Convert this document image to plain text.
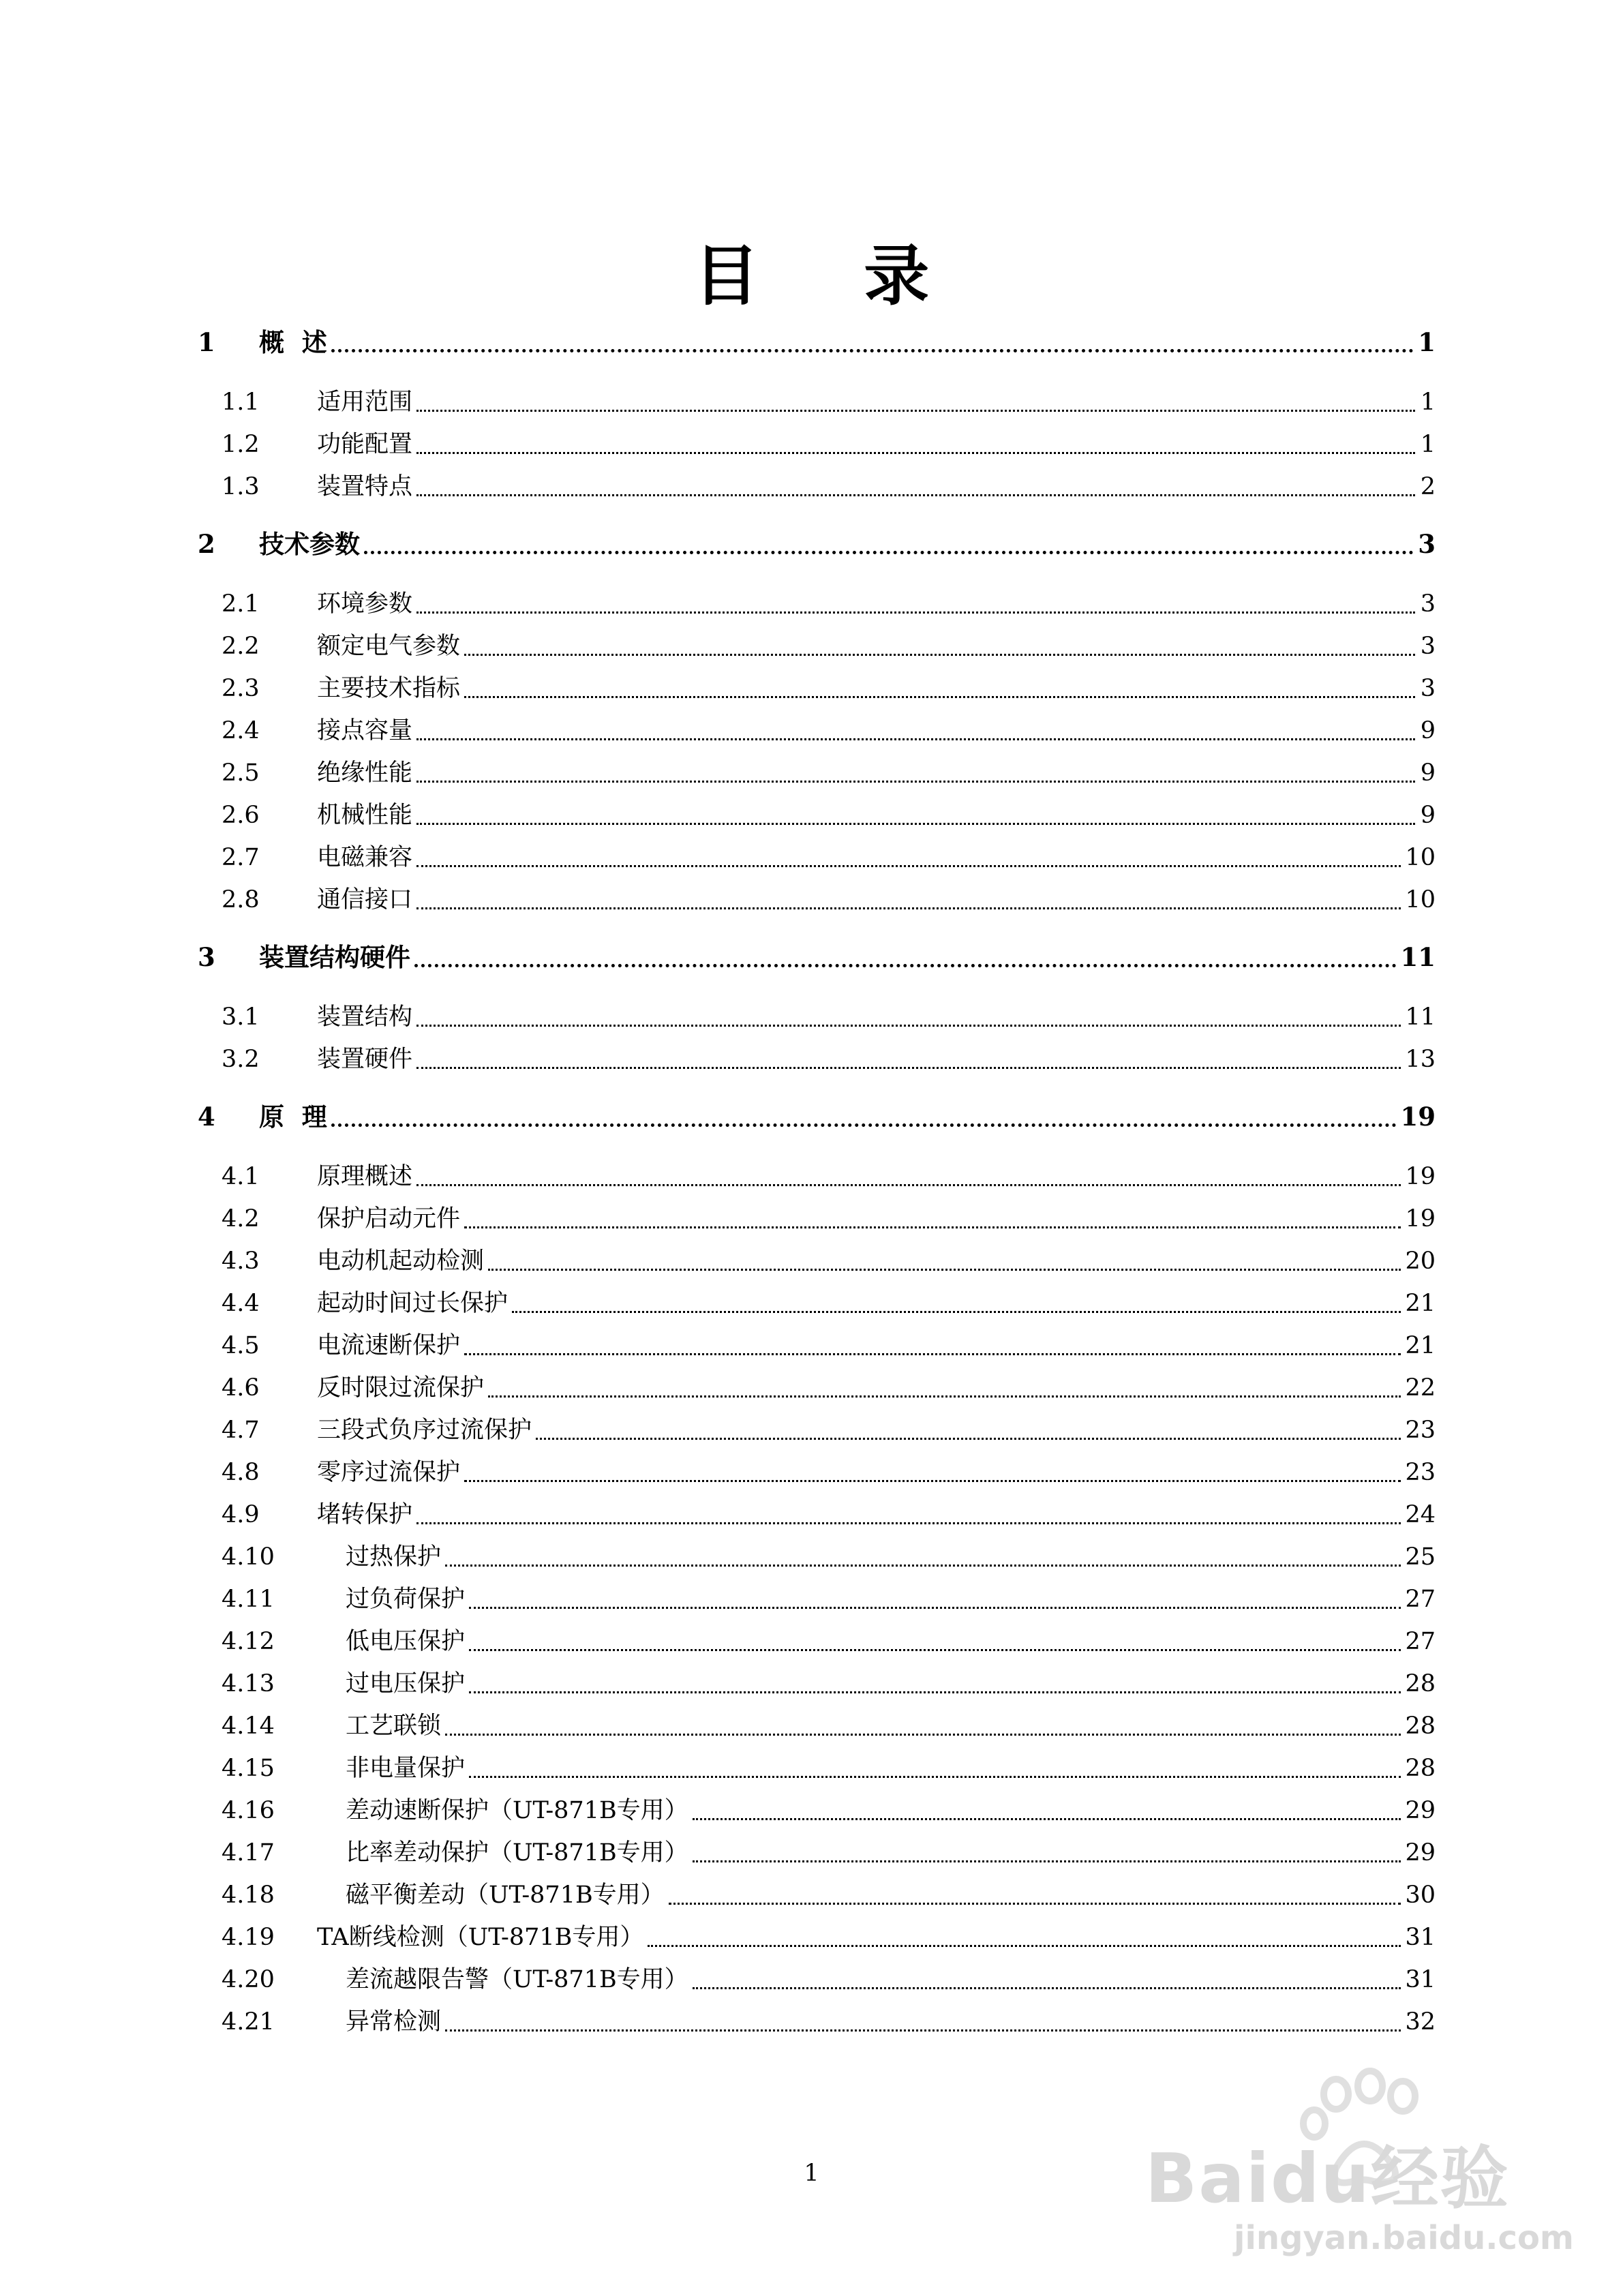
目 录
1	概  述	1
1.1	适用范围	1
1.2	功能配置	1
1.3	装置特点	2
2	技术参数	3
2.1	环境参数	3
2.2	额定电气参数	3
2.3	主要技术指标	3
2.4	接点容量	9
2.5	绝缘性能	9
2.6	机械性能	9
2.7	电磁兼容	10
2.8	通信接口	10
3	装置结构硬件	11
3.1	装置结构	11
3.2	装置硬件	13
4	原  理	19
4.1	原理概述	19
4.2	保护启动元件	19
4.3	电动机起动检测	20
4.4	起动时间过长保护	21
4.5	电流速断保护	21
4.6	反时限过流保护	22
4.7	三段式负序过流保护	23
4.8	零序过流保护	23
4.9	堵转保护	24
4.10	过热保护	25
4.11	过负荷保护	27
4.12	低电压保护	27
4.13	过电压保护	28
4.14	工艺联锁	28
4.15	非电量保护	28
4.16	差动速断保护（UT-871B专用）	29
4.17	比率差动保护（UT-871B专用）	29
4.18	磁平衡差动（UT-871B专用）	30
4.19	TA断线检测（UT-871B专用）	31
4.20	差流越限告警（UT-871B专用）	31
4.21	异常检测	32
1	Baidu经验
jingyan.baidu.com
